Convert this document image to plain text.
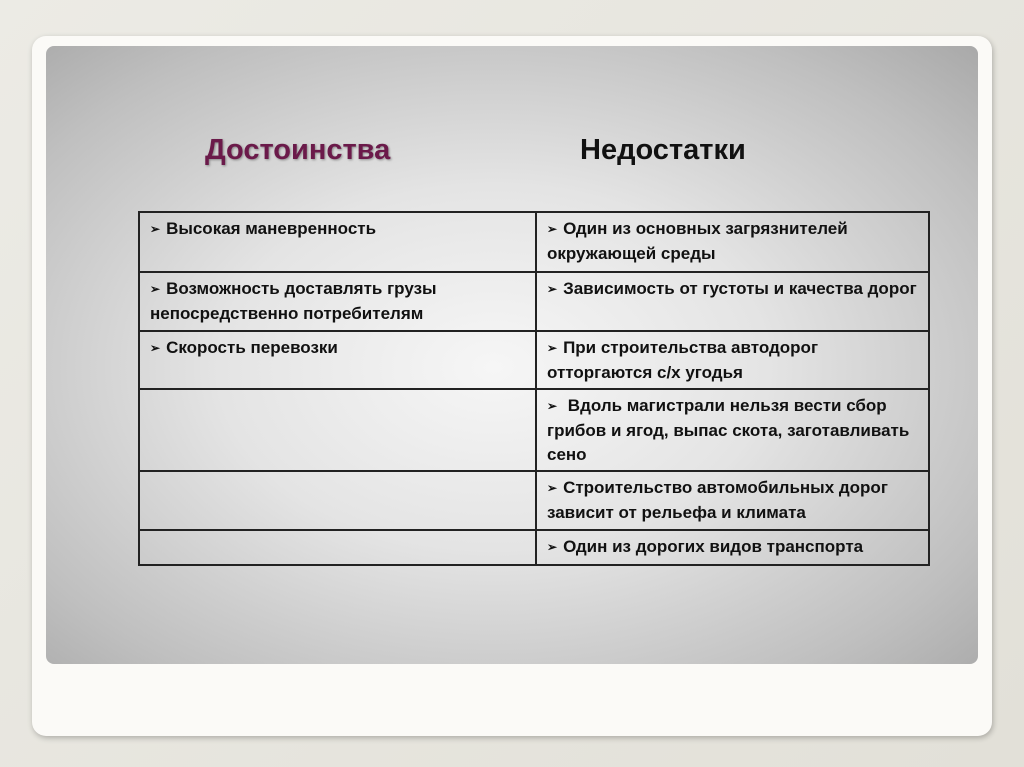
Достоинства	Недостатки
➢ Высокая маневренность	➢ Один из основных загрязнителей окружающей среды
➢ Возможность доставлять грузы непосредственно потребителям	➢ Зависимость от густоты и качества дорог
➢ Скорость перевозки	➢ При строительства автодорог отторгаются с/х угодья
	➢ Вдоль магистрали нельзя вести сбор грибов и ягод, выпас скота, заготавливать сено
	➢ Строительство автомобильных дорог зависит от рельефа и климата
	➢ Один из дорогих видов транспорта
